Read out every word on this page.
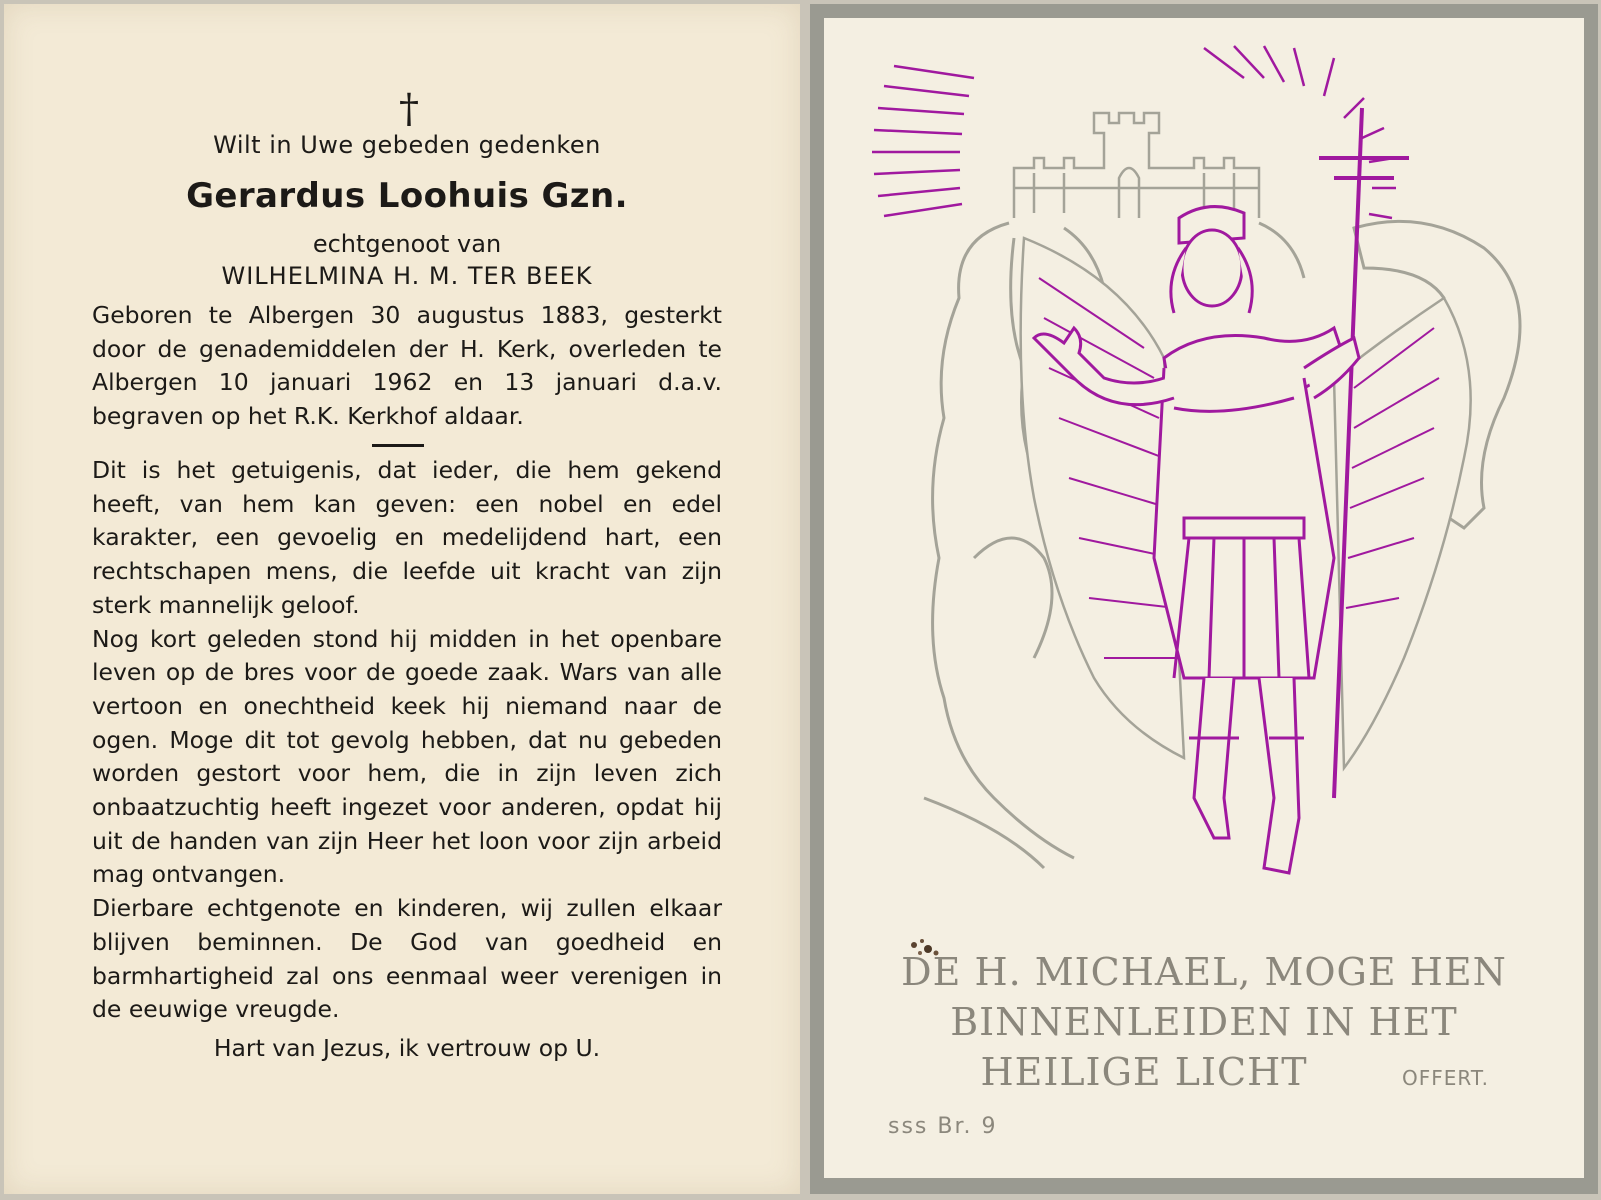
†
Wilt in Uwe gebeden gedenken
Gerardus Loohuis Gzn.
echtgenoot van
WILHELMINA H. M. TER BEEK
Geboren te Albergen 30 augustus 1883, gesterkt door de genademiddelen der H. Kerk, overleden te Albergen 10 januari 1962 en 13 januari d.a.v. begraven op het R.K. Kerkhof aldaar.
Dit is het getuigenis, dat ieder, die hem gekend heeft, van hem kan geven: een nobel en edel karakter, een gevoelig en medelijdend hart, een rechtschapen mens, die leefde uit kracht van zijn sterk mannelijk geloof.
Nog kort geleden stond hij midden in het openbare leven op de bres voor de goede zaak. Wars van alle vertoon en onechtheid keek hij niemand naar de ogen. Moge dit tot gevolg hebben, dat nu gebeden worden gestort voor hem, die in zijn leven zich onbaatzuchtig heeft ingezet voor anderen, opdat hij uit de handen van zijn Heer het loon voor zijn arbeid mag ontvangen.
Dierbare echtgenote en kinderen, wij zullen elkaar blijven beminnen. De God van goedheid en barmhartigheid zal ons eenmaal weer verenigen in de eeuwige vreugde.
Hart van Jezus, ik vertrouw op U.
DE H. MICHAEL, MOGE HEN
BINNENLEIDEN IN HET
HEILIGE LICHT	OFFERT.
sss Br. 9
